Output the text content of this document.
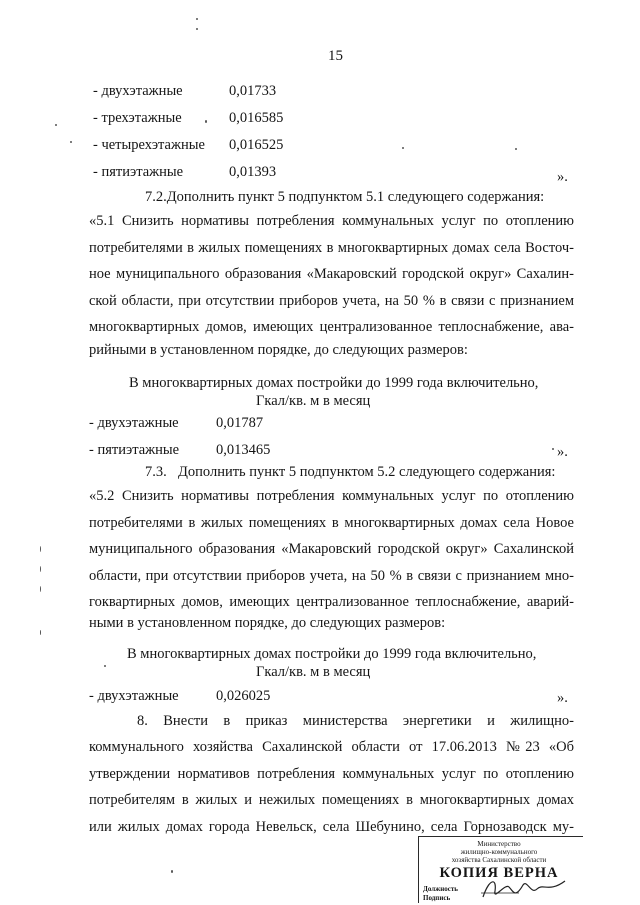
15
- двухэтажные	0,01733
- трехэтажные	0,016585
- четырехэтажные 0,016525
- пятиэтажные	0,01393	».
7.2.Дополнить пункт 5 подпунктом 5.1 следующего содержания:
«5.1 Снизить нормативы потребления коммунальных услуг по отоплению
потребителями в жилых помещениях в многоквартирных домах села Восточ-
ное муниципального образования «Макаровский городской округ» Сахалин-
ской области, при отсутствии приборов учета, на 50 % в связи с признанием
многоквартирных домов, имеющих централизованное теплоснабжение, ава-
рийными в установленном порядке, до следующих размеров:
В многоквартирных домах постройки до 1999 года включительно,
Гкал/кв. м в месяц
- двухэтажные	0,01787
- пятиэтажные	0,013465	».
7.3. Дополнить пункт 5 подпунктом 5.2 следующего содержания:
«5.2 Снизить нормативы потребления коммунальных услуг по отоплению
потребителями в жилых помещениях в многоквартирных домах села Новое
муниципального образования «Макаровский городской округ» Сахалинской
области, при отсутствии приборов учета, на 50 % в связи с признанием мно-
гоквартирных домов, имеющих централизованное теплоснабжение, аварий-
ными в установленном порядке, до следующих размеров:
В многоквартирных домах постройки до 1999 года включительно,
Гкал/кв. м в месяц
- двухэтажные	0,026025	».
8. Внести в приказ министерства энергетики и жилищно-
коммунального хозяйства Сахалинской области от 17.06.2013 №23 «Об
утверждении нормативов потребления коммунальных услуг по отоплению
потребителям в жилых и нежилых помещениях в многоквартирных домах
или жилых домах города Невельск, села Шебунино, села Горнозаводск му-
Министерство
жилищно-коммунального
хозяйства Сахалинской области
КОПИЯ ВЕРНА
Должность
Подпись
